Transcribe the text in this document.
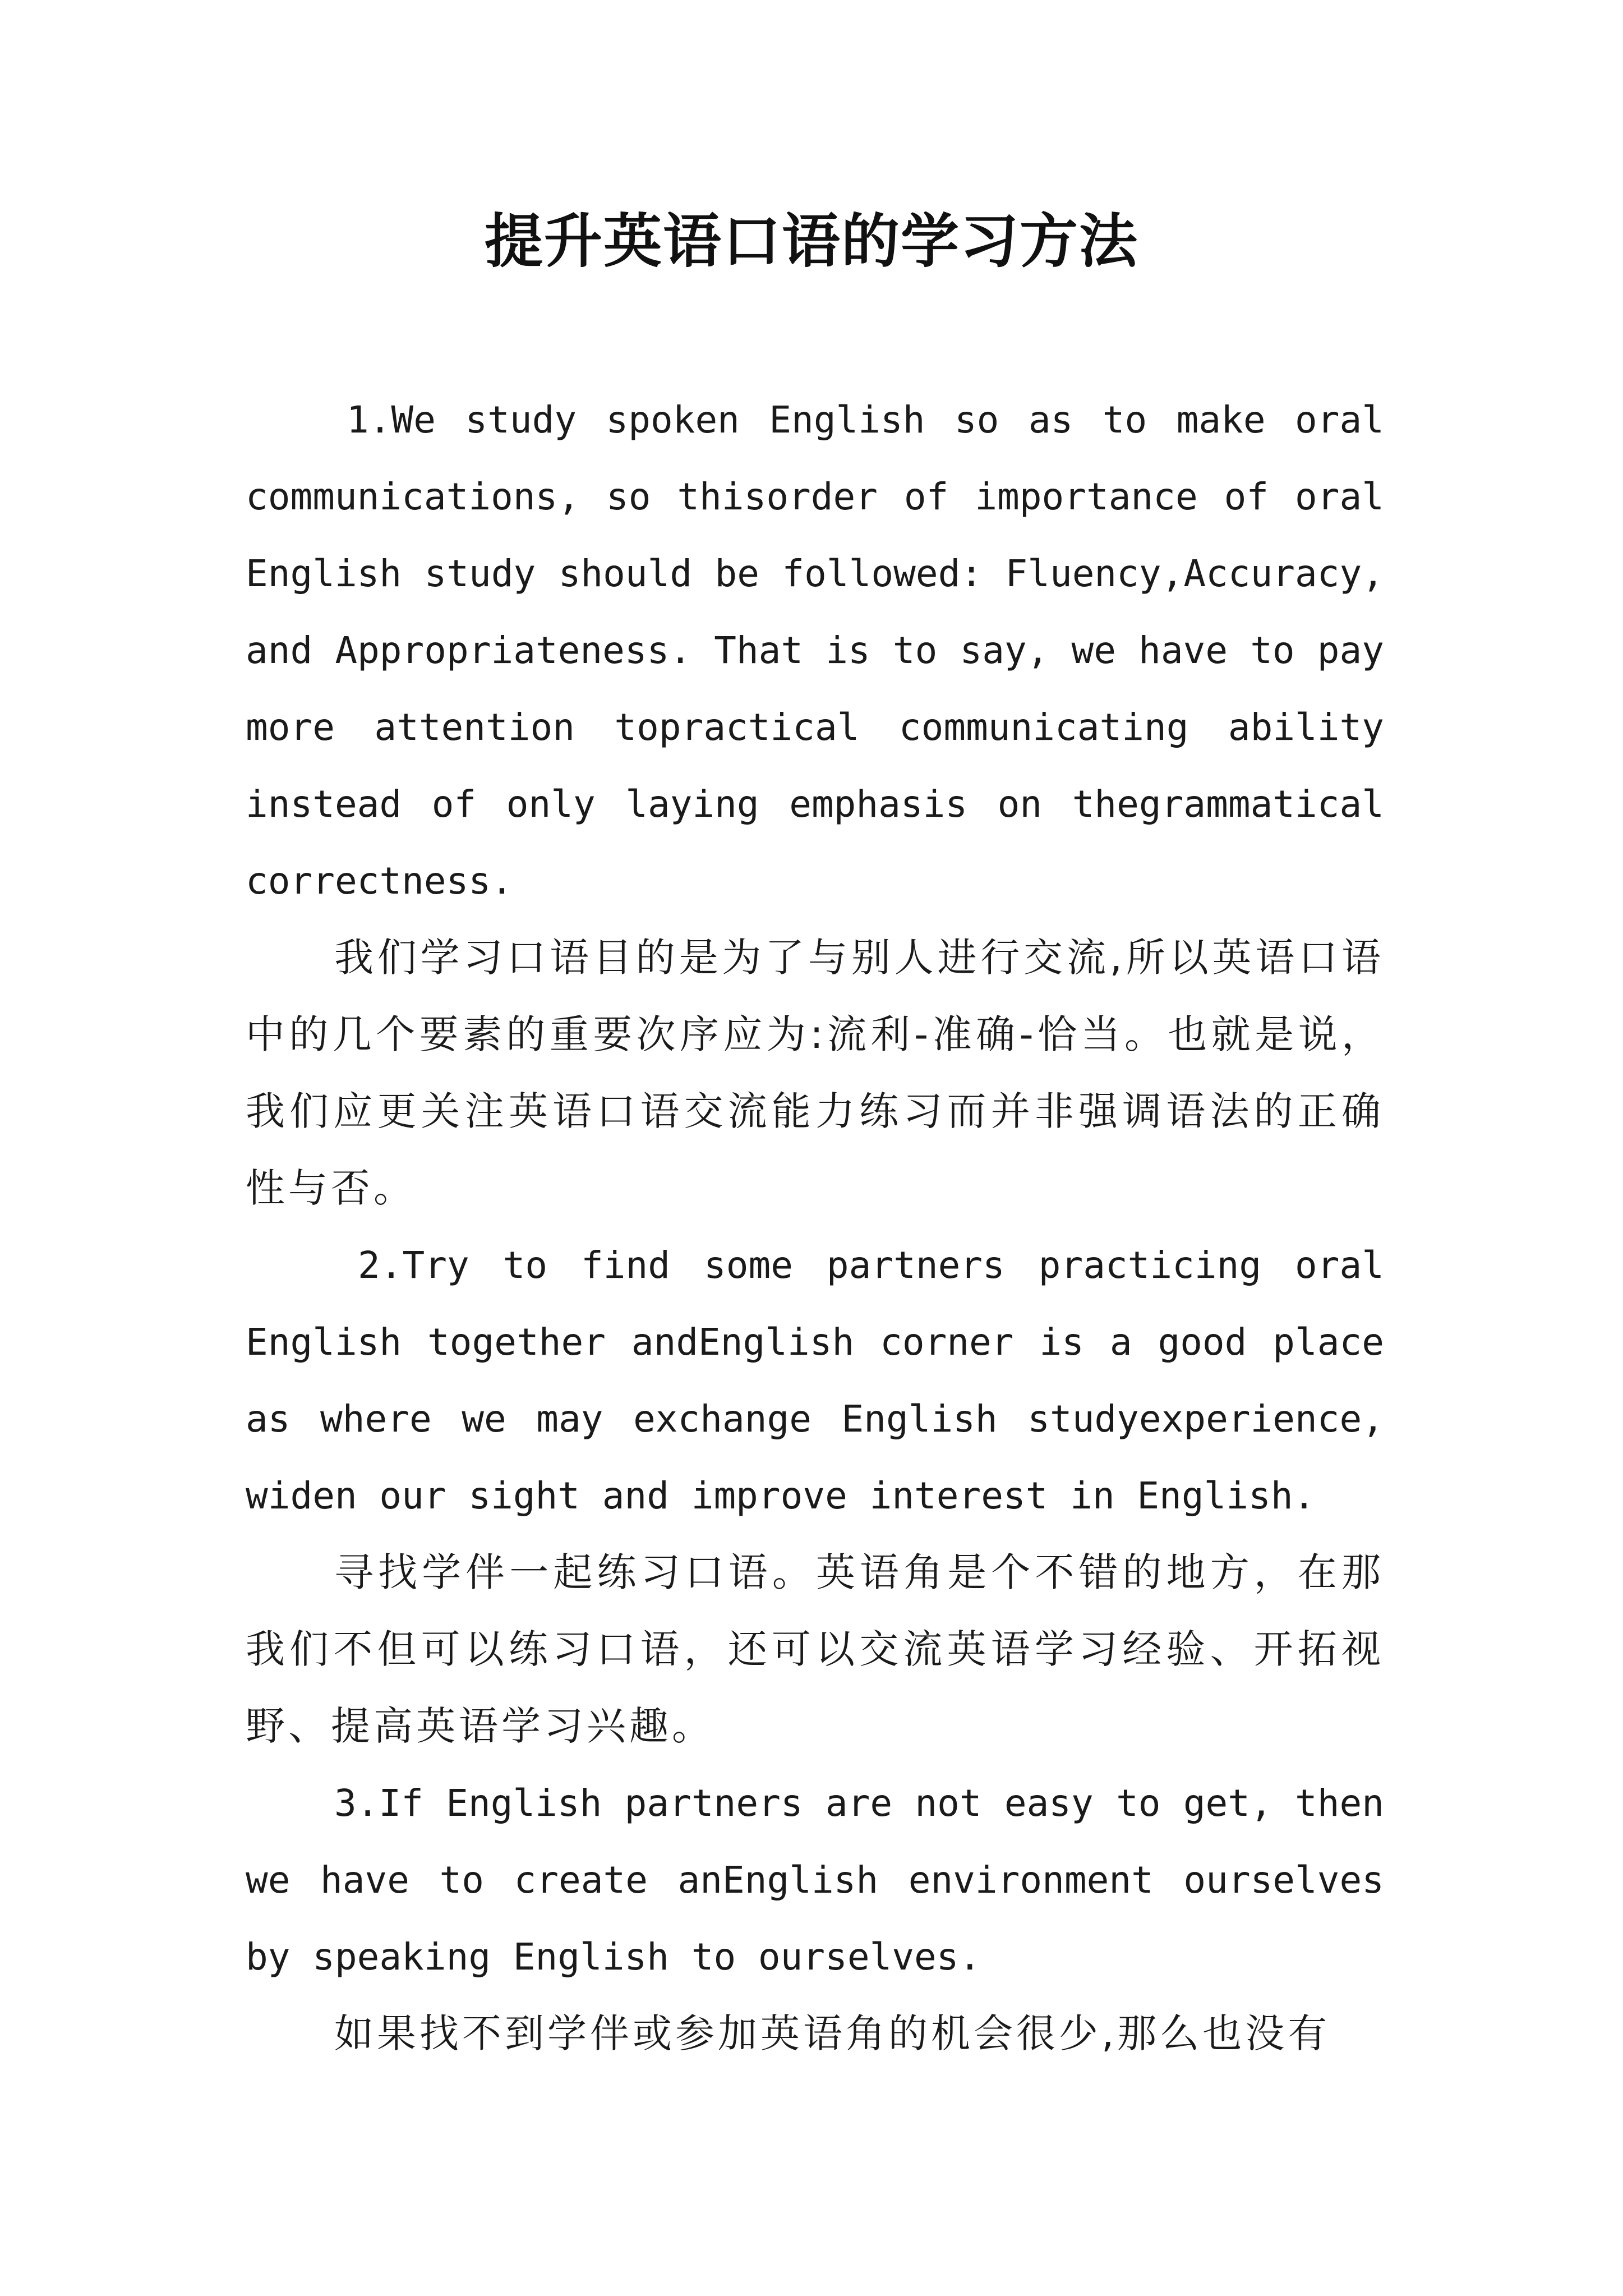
提升英语口语的学习方法

1.We study spoken English so as to make oral communications, so thisorder of importance of oral English study should be followed: Fluency,Accuracy, and Appropriateness. That is to say, we have to pay more attention topractical communicating ability instead of only laying emphasis on thegrammatical correctness.

我们学习口语目的是为了与别人进行交流,所以英语口语中的几个要素的重要次序应为:流利-准确-恰当。也就是说，我们应更关注英语口语交流能力练习而并非强调语法的正确性与否。

2.Try to find some partners practicing oral English together andEnglish corner is a good place as where we may exchange English studyexperience, widen our sight and improve interest in English.

寻找学伴一起练习口语。英语角是个不错的地方，在那我们不但可以练习口语，还可以交流英语学习经验、开拓视野、提高英语学习兴趣。

3.If English partners are not easy to get, then we have to create anEnglish environment ourselves by speaking English to ourselves.

如果找不到学伴或参加英语角的机会很少,那么也没有
